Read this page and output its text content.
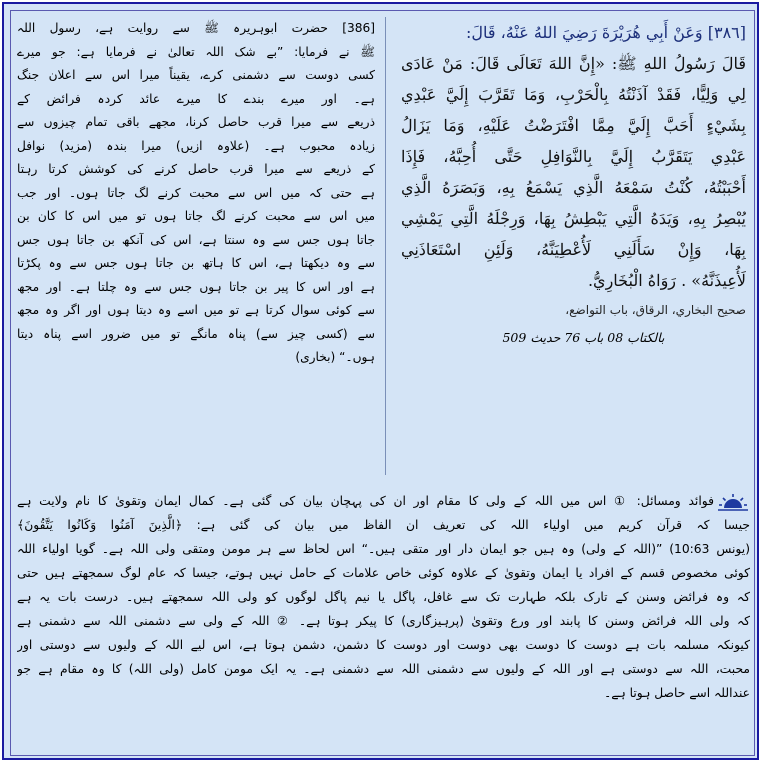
[٣٨٦] وَعَنْ أَبِي هُرَيْرَةَ رَضِيَ اللهُ عَنْهُ، قَالَ:
قَالَ رَسُولُ اللهِ ﷺ: «إِنَّ اللهَ تَعَالَى قَالَ: مَنْ عَادَى
لِي وَلِيًّا، فَقَدْ آذَنْتُهُ بِالْحَرْبِ، وَمَا تَقَرَّبَ إِلَيَّ عَبْدِي
بِشَيْءٍ أَحَبَّ إِلَيَّ مِمَّا افْتَرَضْتُ عَلَيْهِ، وَمَا يَزَالُ
عَبْدِي يَتَقَرَّبُ إِلَيَّ بِالنَّوَافِلِ حَتَّى أُحِبَّهُ، فَإِذَا
أَحْبَبْتُهُ، كُنْتُ سَمْعَهُ الَّذِي يَسْمَعُ بِهِ، وَبَصَرَهُ الَّذِي
يُبْصِرُ بِهِ، وَيَدَهُ الَّتِي يَبْطِشُ بِهَا، وَرِجْلَهُ الَّتِي يَمْشِي
بِهَا، وَإِنْ سَأَلَنِي لَأُعْطِيَنَّهُ، وَلَئِنِ اسْتَعَاذَنِي
لَأُعِيذَنَّهُ» . رَوَاهُ الْبُخَارِيُّ.
صحيح البخاري، الرقاق، باب التواضع،
بالکتاب 08 باب 76 حدیث 509
[386] حضرت ابوہریرہ ﷺ سے روایت ہے، رسول اللہ
ﷺ نے فرمایا: ”بے شک اللہ تعالیٰ نے فرمایا ہے: جو میرے
کسی دوست سے دشمنی کرے، یقیناً میرا اس سے اعلان جنگ
ہے۔ اور میرے بندے کا میرے عائد کردہ فرائض کے
ذریعے سے میرا قرب حاصل کرنا، مجھے باقی تمام چیزوں سے
زیادہ محبوب ہے۔ (علاوہ ازیں) میرا بندہ (مزید) نوافل
کے ذریعے سے میرا قرب حاصل کرنے کی کوشش کرتا رہتا
ہے حتی کہ میں اس سے محبت کرنے لگ جاتا ہوں۔ اور جب
میں اس سے محبت کرنے لگ جاتا ہوں تو میں اس کا کان بن
جاتا ہوں جس سے وہ سنتا ہے، اس کی آنکھ بن جاتا ہوں جس
سے وہ دیکھتا ہے، اس کا ہاتھ بن جاتا ہوں جس سے وہ پکڑتا
ہے اور اس کا پیر بن جاتا ہوں جس سے وہ چلتا ہے۔ اور مجھ
سے کوئی سوال کرتا ہے تو میں اسے وہ دیتا ہوں اور اگر وہ مجھ
سے (کسی چیز سے) پناہ مانگے تو میں ضرور اسے پناہ دیتا
ہوں۔“ (بخاری)
فوائد ومسائل: ① اس میں اللہ کے ولی کا مقام اور ان کی پہچان بیان کی گئی ہے۔ کمال ایمان وتقویٰ کا نام ولایت ہے
جیسا کہ قرآن کریم میں اولیاء اللہ کی تعریف ان الفاظ میں بیان کی گئی ہے: ﴿الَّذِينَ آمَنُوا وَكَانُوا يَتَّقُونَ﴾
(یونس 10:63) ”(اللہ کے ولی) وہ ہیں جو ایمان دار اور متقی ہیں۔“ اس لحاظ سے ہر مومن ومتقی ولی اللہ ہے۔ گویا اولیاء اللہ
کوئی مخصوص قسم کے افراد یا ایمان وتقویٰ کے علاوہ کوئی خاص علامات کے حامل نہیں ہوتے، جیسا کہ عام لوگ سمجھتے ہیں حتی
کہ وہ فرائض وسنن کے تارک بلکہ طہارت تک سے غافل، پاگل یا نیم پاگل لوگوں کو ولی اللہ سمجھتے ہیں۔ درست بات یہ ہے
کہ ولی اللہ فرائض وسنن کا پابند اور ورع وتقویٰ (پرہیزگاری) کا پیکر ہوتا ہے۔ ② اللہ کے ولی سے دشمنی اللہ سے دشمنی ہے
کیونکہ مسلمہ بات ہے دوست کا دوست بھی دوست اور دوست کا دشمن، دشمن ہوتا ہے، اس لیے اللہ کے ولیوں سے دوستی اور
محبت، اللہ سے دوستی ہے اور اللہ کے ولیوں سے دشمنی اللہ سے دشمنی ہے۔ یہ ایک مومن کامل (ولی اللہ) کا وہ مقام ہے جو
عنداللہ اسے حاصل ہوتا ہے۔
